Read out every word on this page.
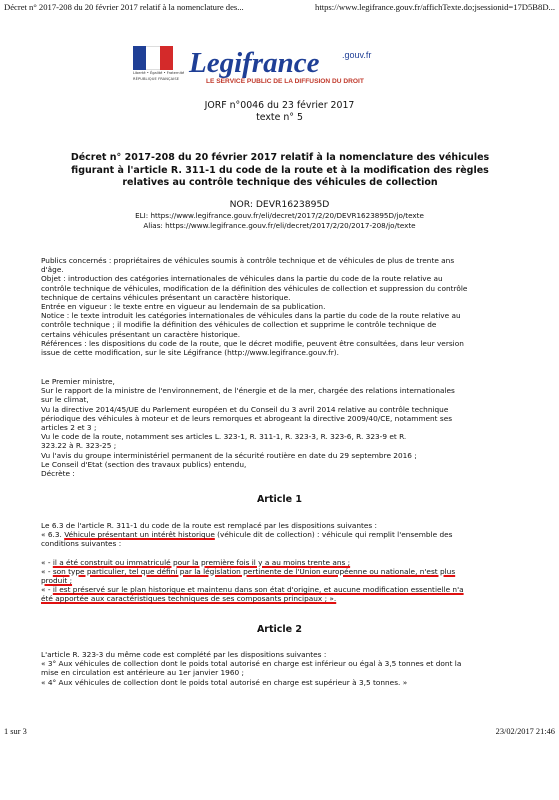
Décret n° 2017-208 du 20 février 2017 relatif à la nomenclature des...	https://www.legifrance.gouv.fr/affichTexte.do;jsessionid=17D5B8D...
Liberté • Égalité • Fraternité
RÉPUBLIQUE FRANÇAISE Legifrance	.gouv.fr
LE SERVICE PUBLIC DE LA DIFFUSION DU DROIT
JORF n°0046 du 23 février 2017
texte n° 5
Décret n° 2017-208 du 20 février 2017 relatif à la nomenclature des véhicules
figurant à l'article R. 311-1 du code de la route et à la modification des règles
relatives au contrôle technique des véhicules de collection
NOR: DEVR1623895D
ELI: https://www.legifrance.gouv.fr/eli/decret/2017/2/20/DEVR1623895D/jo/texte
Alias: https://www.legifrance.gouv.fr/eli/decret/2017/2/20/2017-208/jo/texte
Publics concernés : propriétaires de véhicules soumis à contrôle technique et de véhicules de plus de trente ans
d'âge.
Objet : introduction des catégories internationales de véhicules dans la partie du code de la route relative au
contrôle technique de véhicules, modification de la définition des véhicules de collection et suppression du contrôle
technique de certains véhicules présentant un caractère historique.
Entrée en vigueur : le texte entre en vigueur au lendemain de sa publication.
Notice : le texte introduit les catégories internationales de véhicules dans la partie du code de la route relative au
contrôle technique ; il modifie la définition des véhicules de collection et supprime le contrôle technique de
certains véhicules présentant un caractère historique.
Références : les dispositions du code de la route, que le décret modifie, peuvent être consultées, dans leur version
issue de cette modification, sur le site Légifrance (http://www.legifrance.gouv.fr).
Le Premier ministre,
Sur le rapport de la ministre de l'environnement, de l'énergie et de la mer, chargée des relations internationales
sur le climat,
Vu la directive 2014/45/UE du Parlement européen et du Conseil du 3 avril 2014 relative au contrôle technique
périodique des véhicules à moteur et de leurs remorques et abrogeant la directive 2009/40/CE, notamment ses
articles 2 et 3 ;
Vu le code de la route, notamment ses articles L. 323-1, R. 311-1, R. 323-3, R. 323-6, R. 323-9 et R.
323.22 à R. 323-25 ;
Vu l'avis du groupe interministériel permanent de la sécurité routière en date du 29 septembre 2016 ;
Le Conseil d'Etat (section des travaux publics) entendu,
Décrète :
Article 1
Le 6.3 de l'article R. 311-1 du code de la route est remplacé par les dispositions suivantes :
« 6.3. Véhicule présentant un intérêt historique (véhicule dit de collection) : véhicule qui remplit l'ensemble des
conditions suivantes :
« - il a été construit ou immatriculé pour la première fois il y a au moins trente ans ;
« - son type particulier, tel que défini par la législation pertinente de l'Union européenne ou nationale, n'est plus
produit ;
« - il est préservé sur le plan historique et maintenu dans son état d'origine, et aucune modification essentielle n'a
été apportée aux caractéristiques techniques de ses composants principaux ; ».
Article 2
L'article R. 323-3 du même code est complété par les dispositions suivantes :
« 3° Aux véhicules de collection dont le poids total autorisé en charge est inférieur ou égal à 3,5 tonnes et dont la
mise en circulation est antérieure au 1er janvier 1960 ;
« 4° Aux véhicules de collection dont le poids total autorisé en charge est supérieur à 3,5 tonnes. »
1 sur 3	23/02/2017 21:46
